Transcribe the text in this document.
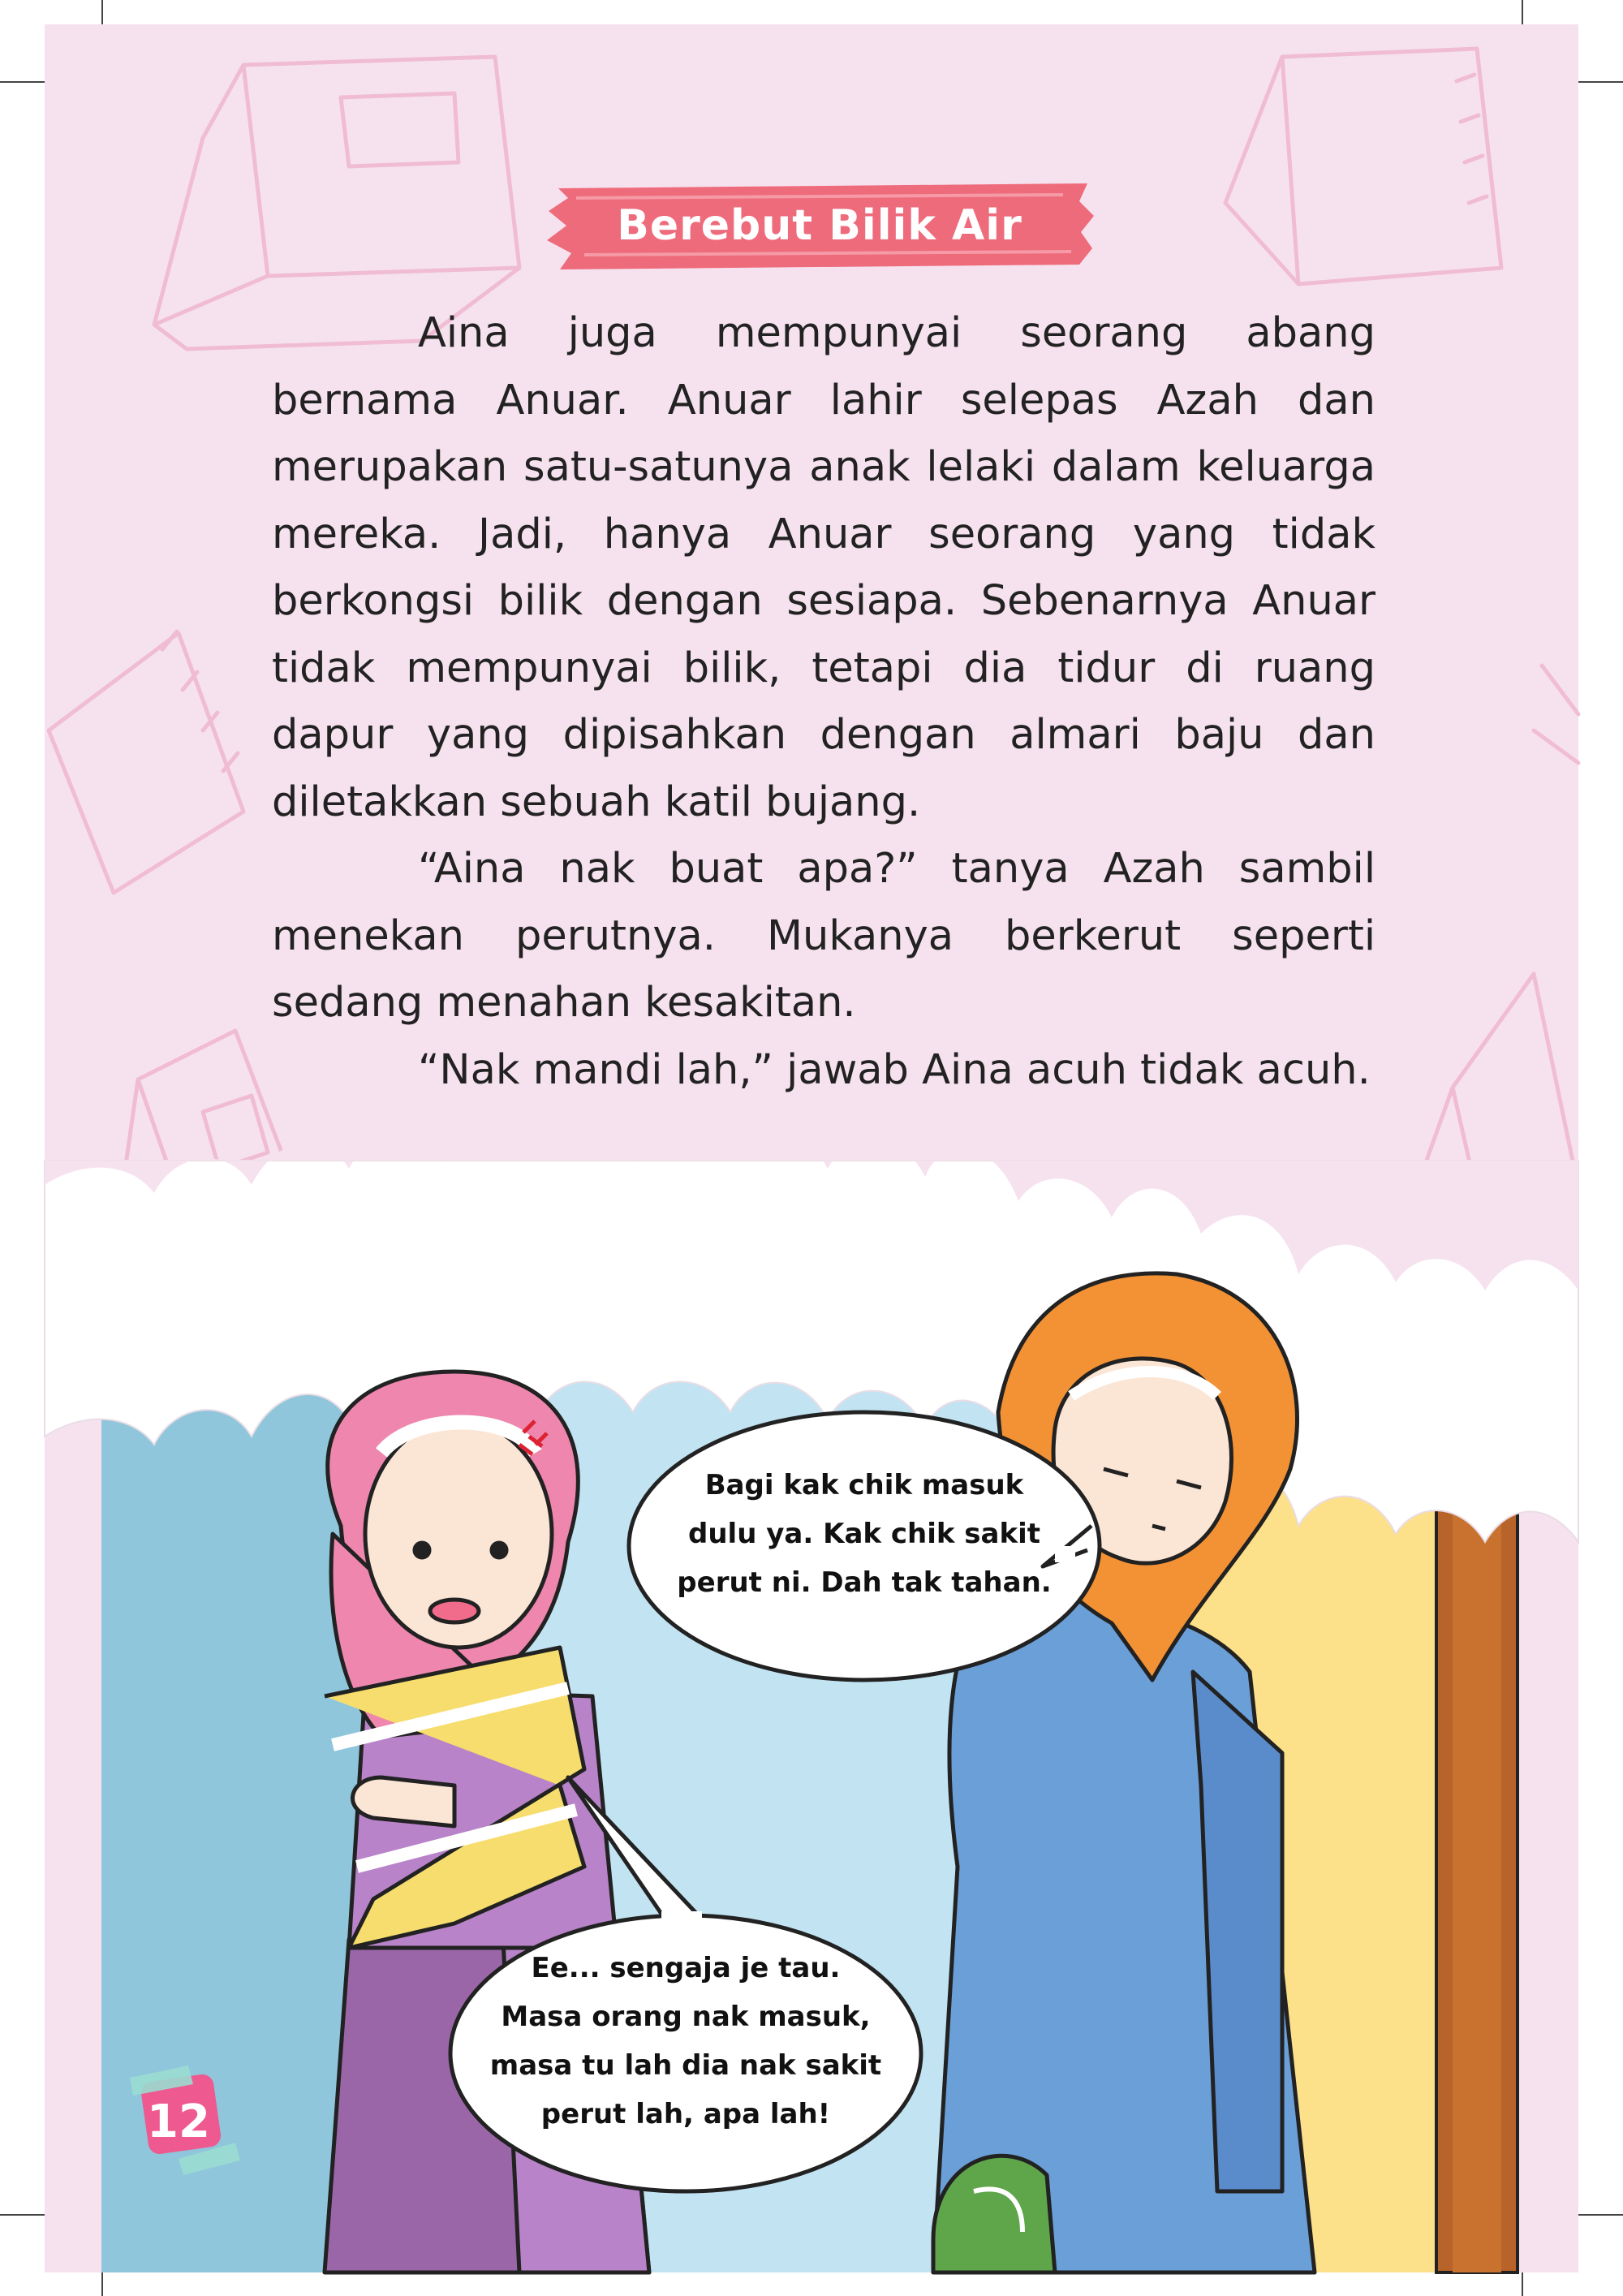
Berebut Bilik Air

Aina juga mempunyai seorang abang bernama Anuar. Anuar lahir selepas Azah dan merupakan satu-satunya anak lelaki dalam keluarga mereka. Jadi, hanya Anuar seorang yang tidak berkongsi bilik dengan sesiapa. Sebenarnya Anuar tidak mempunyai bilik, tetapi dia tidur di ruang dapur yang dipisahkan dengan almari baju dan diletakkan sebuah katil bujang.

“Aina nak buat apa?” tanya Azah sambil menekan perutnya. Mukanya berkerut seperti sedang menahan kesakitan.

“Nak mandi lah,” jawab Aina acuh tidak acuh.

Bagi kak chik masuk
dulu ya. Kak chik sakit
perut ni. Dah tak tahan.
Ee... sengaja je tau.
Masa orang nak masuk,
masa tu lah dia nak sakit
perut lah, apa lah!
12
